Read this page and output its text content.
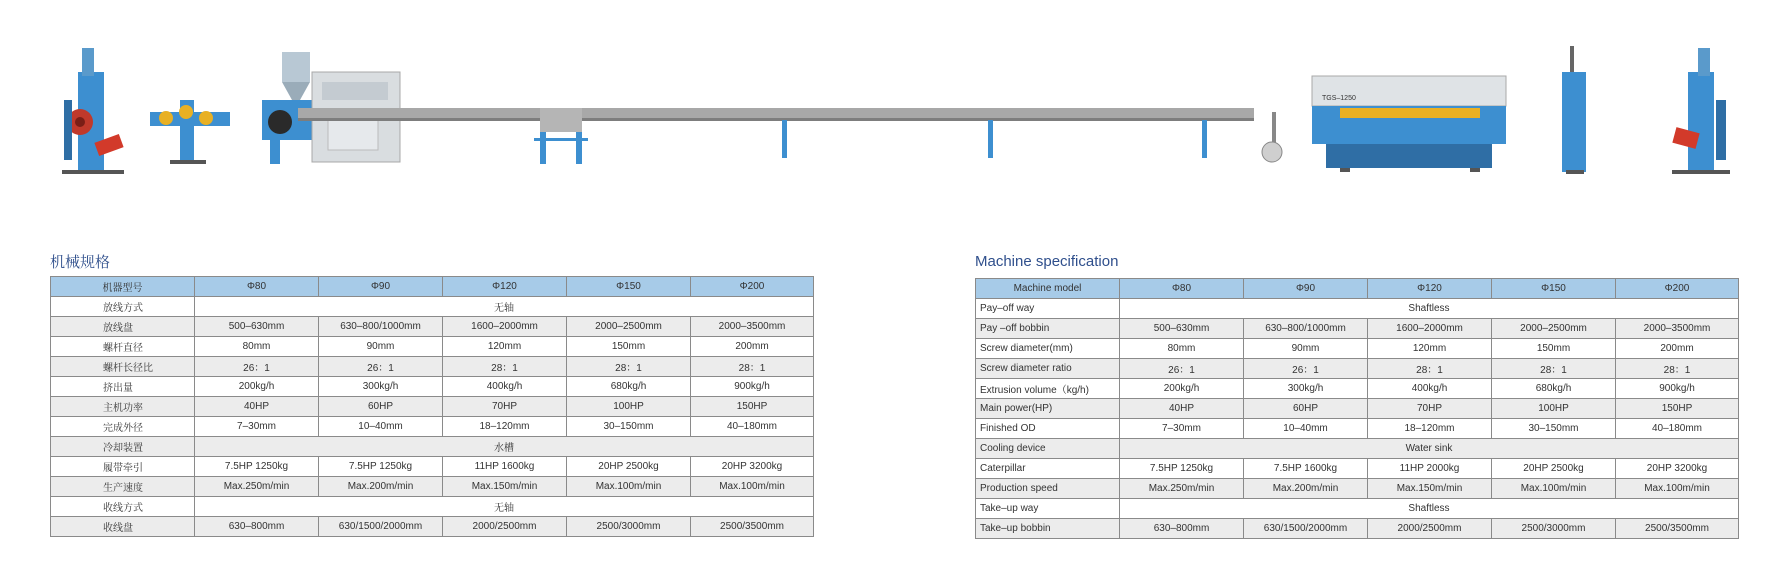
TGS–1250
机械规格
机器型号	Φ80	Φ90	Φ120	Φ150	Φ200
放线方式	无轴				
放线盘	500–630mm	630–800/1000mm	1600–2000mm	2000–2500mm	2000–3500mm
螺杆直径	80mm	90mm	120mm	150mm	200mm
螺杆长径比	26：1	26：1	28：1	28：1	28：1
挤出量	200kg/h	300kg/h	400kg/h	680kg/h	900kg/h
主机功率	40HP	60HP	70HP	100HP	150HP
完成外径	7–30mm	10–40mm	18–120mm	30–150mm	40–180mm
冷却装置	水槽				
履带牵引	7.5HP 1250kg	7.5HP 1250kg	11HP 1600kg	20HP 2500kg	20HP 3200kg
生产速度	Max.250m/min	Max.200m/min	Max.150m/min	Max.100m/min	Max.100m/min
收线方式	无轴				
收线盘	630–800mm	630/1500/2000mm	2000/2500mm	2500/3000mm	2500/3500mm
Machine specification
Machine model	Φ80	Φ90	Φ120	Φ150	Φ200
Pay–off way	Shaftless				
Pay –off bobbin	500–630mm	630–800/1000mm	1600–2000mm	2000–2500mm	2000–3500mm
Screw diameter(mm)	80mm	90mm	120mm	150mm	200mm
Screw diameter ratio	26：1	26：1	28：1	28：1	28：1
Extrusion volume（kg/h)	200kg/h	300kg/h	400kg/h	680kg/h	900kg/h
Main power(HP)	40HP	60HP	70HP	100HP	150HP
Finished OD	7–30mm	10–40mm	18–120mm	30–150mm	40–180mm
Cooling device	Water sink				
Caterpillar	7.5HP 1250kg	7.5HP 1600kg	11HP 2000kg	20HP 2500kg	20HP 3200kg
Production speed	Max.250m/min	Max.200m/min	Max.150m/min	Max.100m/min	Max.100m/min
Take–up way	Shaftless				
Take–up bobbin	630–800mm	630/1500/2000mm	2000/2500mm	2500/3000mm	2500/3500mm
